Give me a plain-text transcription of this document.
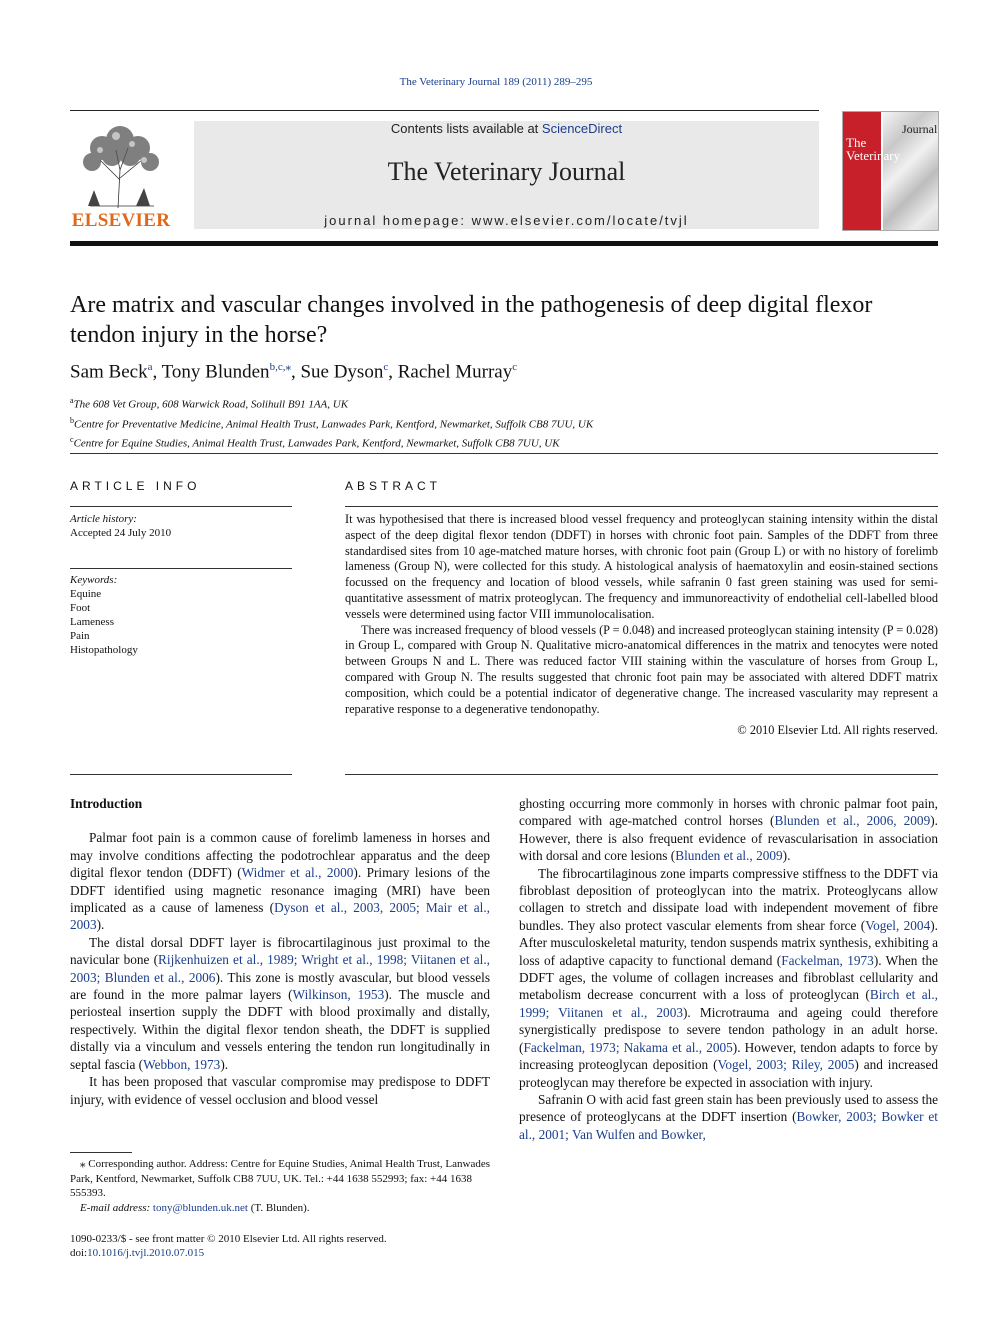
The Veterinary Journal 189 (2011) 289–295
ELSEVIER
Contents lists available at ScienceDirect
The Veterinary Journal
journal homepage: www.elsevier.com/locate/tvjl
The
Veterinary
Journal
Are matrix and vascular changes involved in the pathogenesis of deep digital flexor tendon injury in the horse?
Sam Beck$^a$, Tony Blunden$^{b,c,⁎}$, Sue Dyson$^c$, Rachel Murray$^c$
$^a$The 608 Vet Group, 608 Warwick Road, Solihull B91 1AA, UK
$^b$Centre for Preventative Medicine, Animal Health Trust, Lanwades Park, Kentford, Newmarket, Suffolk CB8 7UU, UK
$^c$Centre for Equine Studies, Animal Health Trust, Lanwades Park, Kentford, Newmarket, Suffolk CB8 7UU, UK
ARTICLE INFO
Article history:
Accepted 24 July 2010
Keywords:
Equine
Foot
Lameness
Pain
Histopathology
ABSTRACT

It was hypothesised that there is increased blood vessel frequency and proteoglycan staining intensity within the distal aspect of the deep digital flexor tendon (DDFT) in horses with chronic foot pain. Samples of the DDFT from three standardised sites from 10 age-matched mature horses, with chronic foot pain (Group L) or with no history of forelimb lameness (Group N), were collected for this study. A histological analysis of haematoxylin and eosin-stained sections focussed on the frequency and location of blood vessels, while safranin 0 fast green staining was used for semi-quantitative assessment of matrix proteoglycan. The frequency and immunoreactivity of endothelial cell-labelled blood vessels were determined using factor VIII immunolocalisation.

There was increased frequency of blood vessels (P = 0.048) and increased proteoglycan staining intensity (P = 0.028) in Group L, compared with Group N. Qualitative micro-anatomical differences in the matrix and tenocytes were noted between Groups N and L. There was reduced factor VIII staining within the vasculature of horses from Group L, compared with Group N. The results suggested that chronic foot pain may be associated with altered DDFT matrix composition, which could be a potential indicator of degenerative change. The increased vascularity may represent a reparative response to a degenerative tendonopathy.

© 2010 Elsevier Ltd. All rights reserved.
Introduction

Palmar foot pain is a common cause of forelimb lameness in horses and may involve conditions affecting the podotrochlear apparatus and the deep digital flexor tendon (DDFT) (Widmer et al., 2000). Primary lesions of the DDFT identified using magnetic resonance imaging (MRI) have been implicated as a cause of lameness (Dyson et al., 2003, 2005; Mair et al., 2003).

The distal dorsal DDFT layer is fibrocartilaginous just proximal to the navicular bone (Rijkenhuizen et al., 1989; Wright et al., 1998; Viitanen et al., 2003; Blunden et al., 2006). This zone is mostly avascular, but blood vessels are found in the more palmar layers (Wilkinson, 1953). The muscle and periosteal insertion supply the DDFT with blood proximally and distally, respectively. Within the digital flexor tendon sheath, the DDFT is supplied distally via a vinculum and vessels entering the tendon run longitudinally in septal fascia (Webbon, 1973).

It has been proposed that vascular compromise may predispose to DDFT injury, with evidence of vessel occlusion and blood vessel

ghosting occurring more commonly in horses with chronic palmar foot pain, compared with age-matched control horses (Blunden et al., 2006, 2009). However, there is also frequent evidence of revascularisation in association with dorsal and core lesions (Blunden et al., 2009).

The fibrocartilaginous zone imparts compressive stiffness to the DDFT via fibroblast deposition of proteoglycan into the matrix. Proteoglycans allow collagen to stretch and dissipate load with independent movement of fibre bundles. They also protect vascular elements from shear force (Vogel, 2004). After musculoskeletal maturity, tendon suspends matrix synthesis, exhibiting a loss of adaptive capacity to functional demand (Fackelman, 1973). When the DDFT ages, the volume of collagen increases and fibroblast cellularity and metabolism decrease concurrent with a loss of proteoglycan (Birch et al., 1999; Viitanen et al., 2003). Microtrauma and ageing could therefore synergistically predispose to severe tendon pathology in an adult horse. (Fackelman, 1973; Nakama et al., 2005). However, tendon adapts to force by increasing proteoglycan deposition (Vogel, 2003; Riley, 2005) and increased proteoglycan may therefore be expected in association with injury.

Safranin O with acid fast green stain has been previously used to assess the presence of proteoglycans at the DDFT insertion (Bowker, 2003; Bowker et al., 2001; Van Wulfen and Bowker,

⁎ Corresponding author. Address: Centre for Equine Studies, Animal Health Trust, Lanwades Park, Kentford, Newmarket, Suffolk CB8 7UU, UK. Tel.: +44 1638 552993; fax: +44 1638 555393.
E-mail address: tony@blunden.uk.net (T. Blunden).
1090-0233/$ - see front matter © 2010 Elsevier Ltd. All rights reserved.
doi:10.1016/j.tvjl.2010.07.015
